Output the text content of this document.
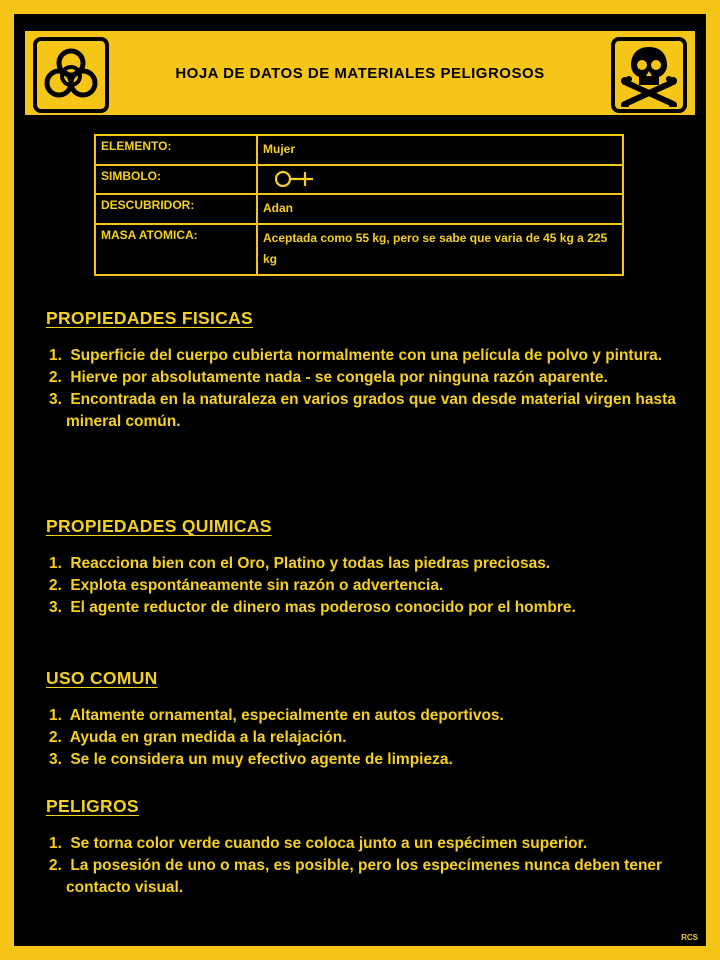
HOJA DE DATOS DE MATERIALES PELIGROSOS
ELEMENTO:	Mujer
SIMBOLO:	
DESCUBRIDOR:	Adan
MASA ATOMICA:	Aceptada como 55 kg, pero se sabe que varia de 45 kg a 225 kg
PROPIEDADES FISICAS
1. Superficie del cuerpo cubierta normalmente con una película de polvo y pintura.
2. Hierve por absolutamente nada - se congela por ninguna razón aparente.
3. Encontrada en la naturaleza en varios grados que van desde material virgen hasta mineral común.
PROPIEDADES QUIMICAS
1. Reacciona bien con el Oro, Platino y todas las piedras preciosas.
2. Explota espontáneamente sin razón o advertencia.
3. El agente reductor de dinero mas poderoso conocido por el hombre.
USO COMUN
1. Altamente ornamental, especialmente en autos deportivos.
2. Ayuda en gran medida a la relajación.
3. Se le considera un muy efectivo agente de limpieza.
PELIGROS
1. Se torna color verde cuando se coloca junto a un espécimen superior.
2. La posesión de uno o mas, es posible, pero los especímenes nunca deben tener contacto visual.
RCS
